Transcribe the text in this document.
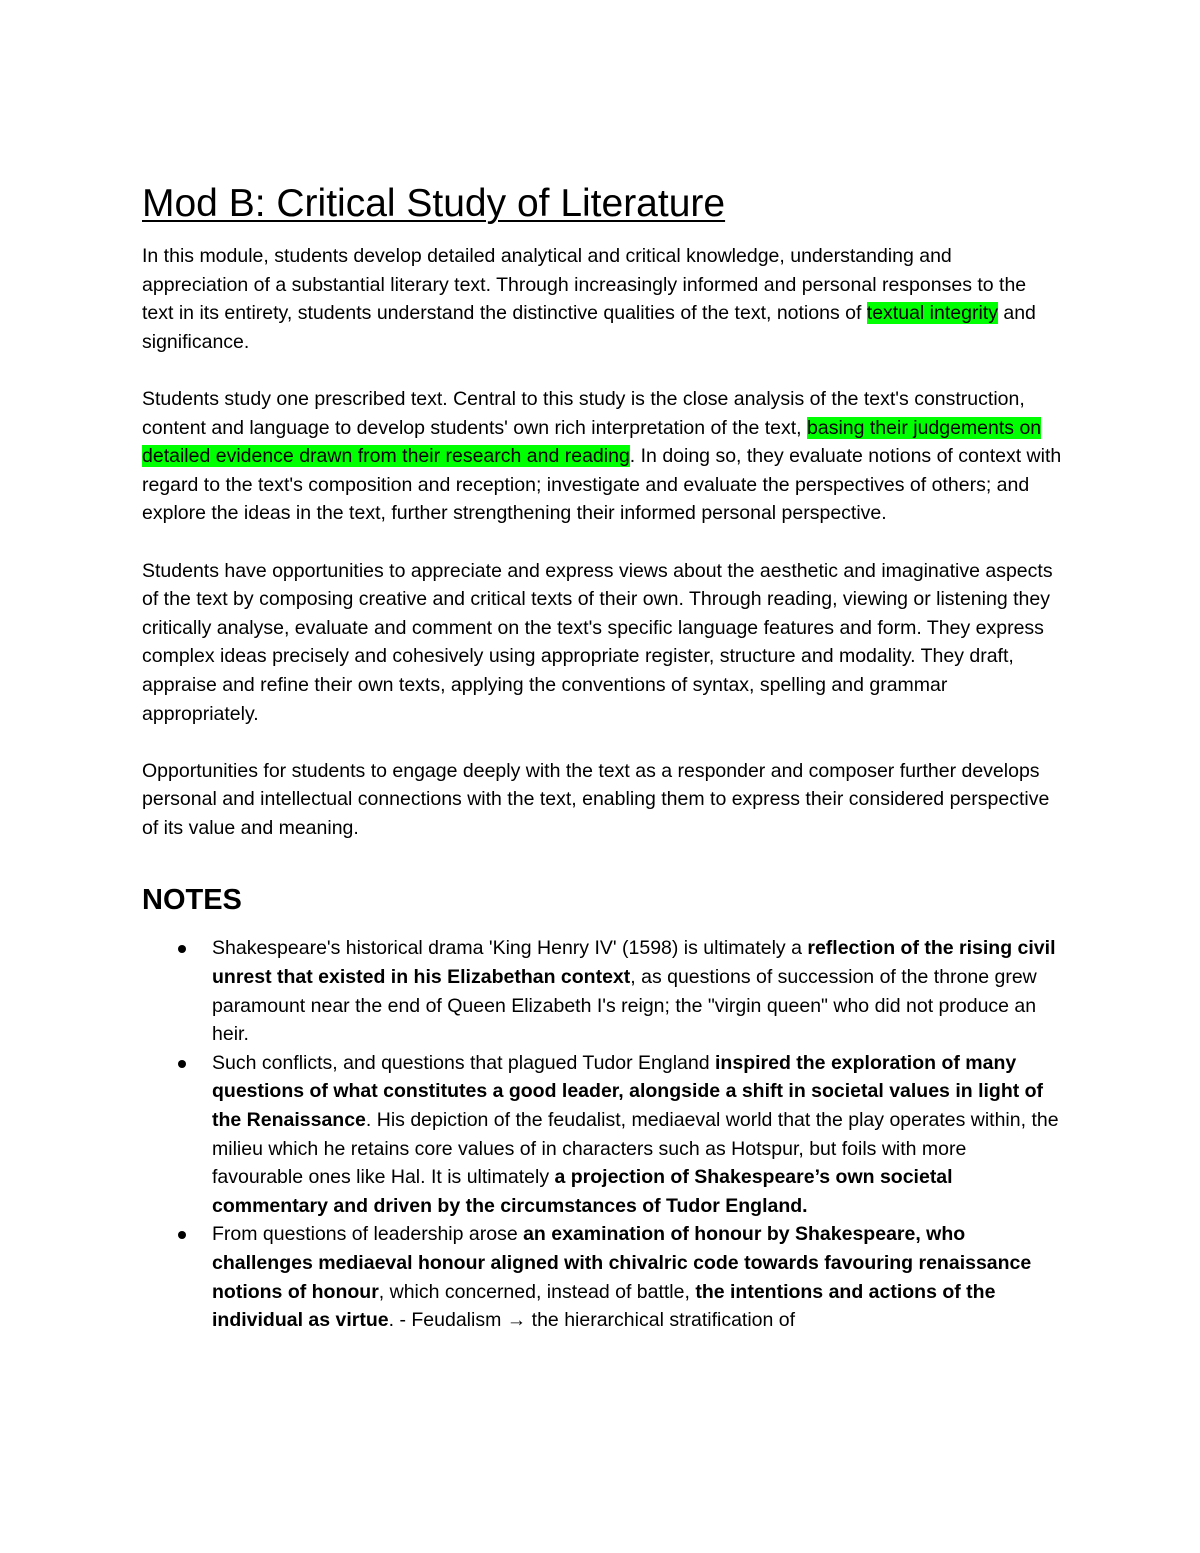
Mod B: Critical Study of Literature

In this module, students develop detailed analytical and critical knowledge, understanding and appreciation of a substantial literary text. Through increasingly informed and personal responses to the text in its entirety, students understand the distinctive qualities of the text, notions of textual integrity and significance.

Students study one prescribed text. Central to this study is the close analysis of the text's construction, content and language to develop students' own rich interpretation of the text, basing their judgements on detailed evidence drawn from their research and reading. In doing so, they evaluate notions of context with regard to the text's composition and reception; investigate and evaluate the perspectives of others; and explore the ideas in the text, further strengthening their informed personal perspective.

Students have opportunities to appreciate and express views about the aesthetic and imaginative aspects of the text by composing creative and critical texts of their own. Through reading, viewing or listening they critically analyse, evaluate and comment on the text's specific language features and form. They express complex ideas precisely and cohesively using appropriate register, structure and modality. They draft, appraise and refine their own texts, applying the conventions of syntax, spelling and grammar appropriately.

Opportunities for students to engage deeply with the text as a responder and composer further develops personal and intellectual connections with the text, enabling them to express their considered perspective of its value and meaning.

NOTES
Shakespeare's historical drama 'King Henry IV' (1598) is ultimately a reflection of the rising civil unrest that existed in his Elizabethan context, as questions of succession of the throne grew paramount near the end of Queen Elizabeth I's reign; the "virgin queen" who did not produce an heir.
Such conflicts, and questions that plagued Tudor England inspired the exploration of many questions of what constitutes a good leader, alongside a shift in societal values in light of the Renaissance. His depiction of the feudalist, mediaeval world that the play operates within, the milieu which he retains core values of in characters such as Hotspur, but foils with more favourable ones like Hal. It is ultimately a projection of Shakespeare’s own societal commentary and driven by the circumstances of Tudor England.
From questions of leadership arose an examination of honour by Shakespeare, who challenges mediaeval honour aligned with chivalric code towards favouring renaissance notions of honour, which concerned, instead of battle, the intentions and actions of the individual as virtue. - Feudalism → the hierarchical stratification of
